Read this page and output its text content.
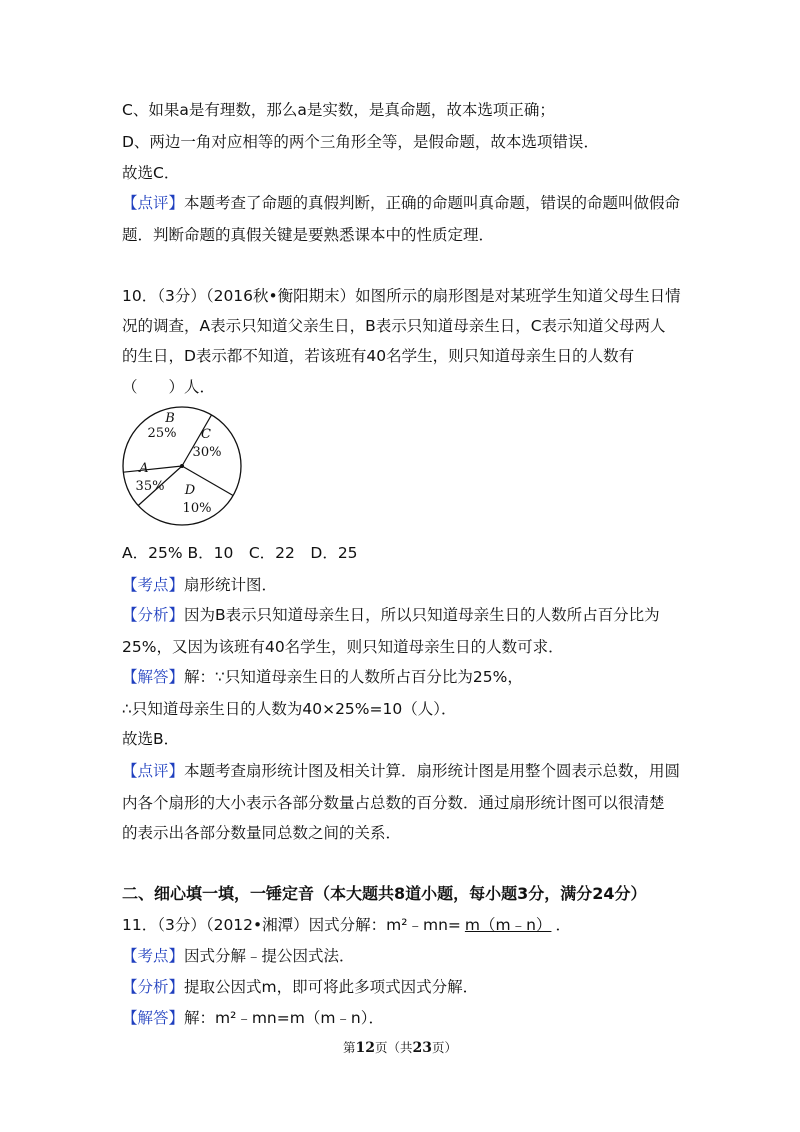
C、如果a是有理数，那么a是实数，是真命题，故本选项正确；
D、两边一角对应相等的两个三角形全等，是假命题，故本选项错误．
故选C．
【点评】本题考查了命题的真假判断，正确的命题叫真命题，错误的命题叫做假命
题．判断命题的真假关键是要熟悉课本中的性质定理．
10．（3分）（2016秋•衡阳期末）如图所示的扇形图是对某班学生知道父母生日情
况的调查，A表示只知道父亲生日，B表示只知道母亲生日，C表示知道父母两人
的生日，D表示都不知道，若该班有40名学生，则只知道母亲生日的人数有
（　　）人．
B
25% C
30%
A
35% D
10%
A．25% B．10　C．22　D．25
【考点】扇形统计图．
【分析】因为B表示只知道母亲生日，所以只知道母亲生日的人数所占百分比为
25%，又因为该班有40名学生，则只知道母亲生日的人数可求．
【解答】解：∵只知道母亲生日的人数所占百分比为25%，
∴只知道母亲生日的人数为40×25%=10（人）．
故选B．
【点评】本题考查扇形统计图及相关计算．扇形统计图是用整个圆表示总数，用圆
内各个扇形的大小表示各部分数量占总数的百分数．通过扇形统计图可以很清楚
的表示出各部分数量同总数之间的关系．
二、细心填一填，一锤定音（本大题共8道小题，每小题3分，满分24分）
11．（3分）（2012•湘潭）因式分解：m²﹣mn= m（m﹣n） ．
【考点】因式分解﹣提公因式法．
【分析】提取公因式m，即可将此多项式因式分解．
【解答】解：m²﹣mn=m（m﹣n）．
第12页（共23页）
